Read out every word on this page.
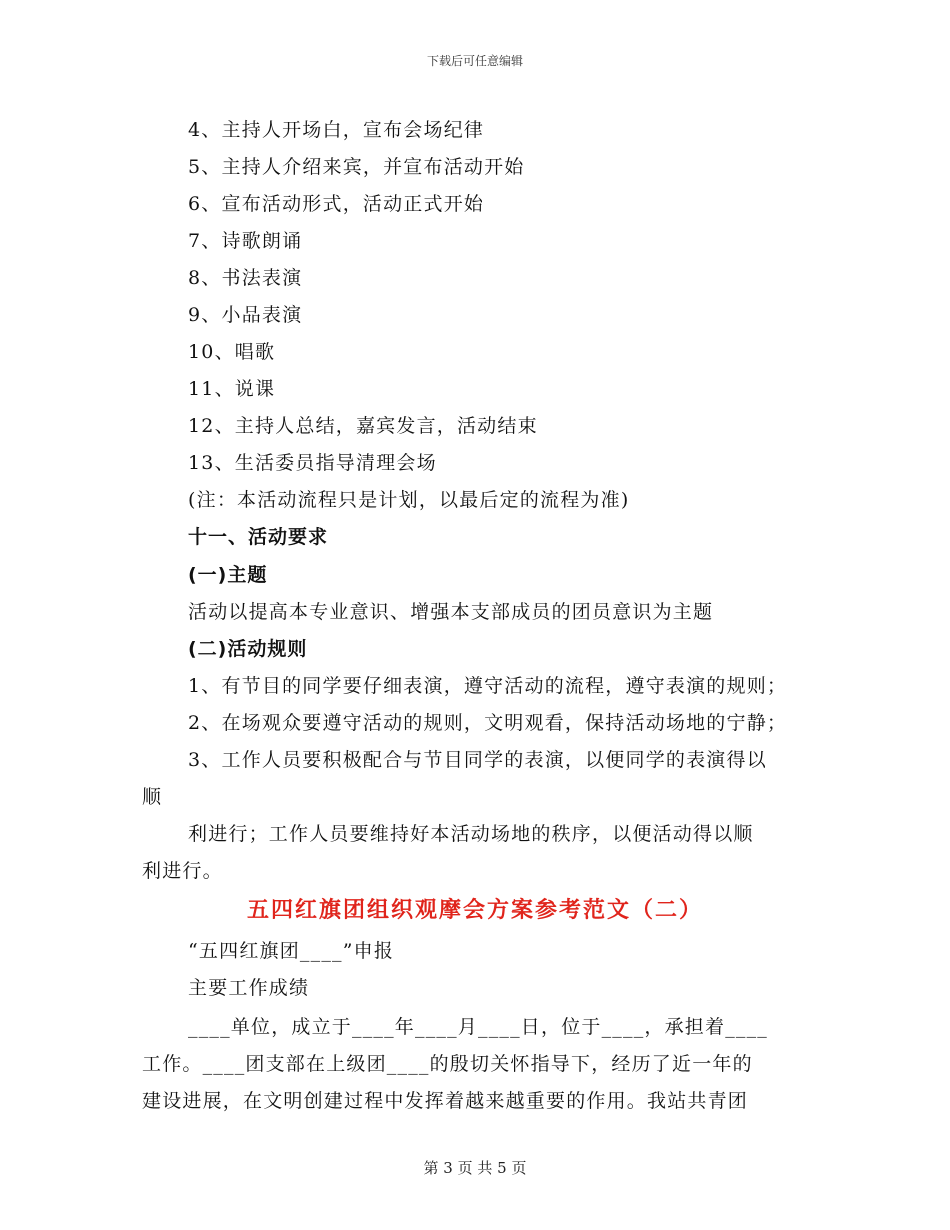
下载后可任意编辑
4、主持人开场白，宣布会场纪律
5、主持人介绍来宾，并宣布活动开始
6、宣布活动形式，活动正式开始
7、诗歌朗诵
8、书法表演
9、小品表演
10、唱歌
11、说课
12、主持人总结，嘉宾发言，活动结束
13、生活委员指导清理会场
(注：本活动流程只是计划，以最后定的流程为准)
十一、活动要求
(一)主题
活动以提高本专业意识、增强本支部成员的团员意识为主题
(二)活动规则
1、有节目的同学要仔细表演，遵守活动的流程，遵守表演的规则；
2、在场观众要遵守活动的规则，文明观看，保持活动场地的宁静；
3、工作人员要积极配合与节目同学的表演，以便同学的表演得以
顺
利进行；工作人员要维持好本活动场地的秩序，以便活动得以顺
利进行。
五四红旗团组织观摩会方案参考范文（二）
“五四红旗团____”申报
主要工作成绩
____单位，成立于____年____月____日，位于____，承担着____
工作。____团支部在上级团____的殷切关怀指导下，经历了近一年的
建设进展，在文明创建过程中发挥着越来越重要的作用。我站共青团
第 3 页 共 5 页
